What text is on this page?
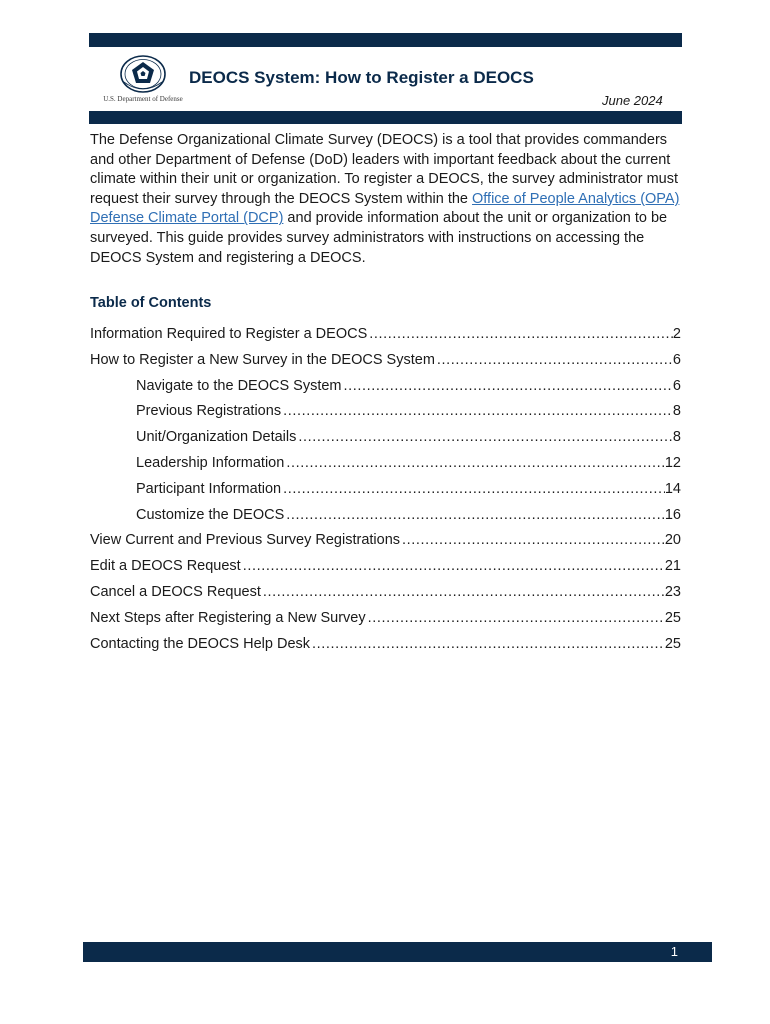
U.S. Department of Defense
DEOCS System: How to Register a DEOCS
June 2024

The Defense Organizational Climate Survey (DEOCS) is a tool that provides commanders and other Department of Defense (DoD) leaders with important feedback about the current climate within their unit or organization. To register a DEOCS, the survey administrator must request their survey through the DEOCS System within the Office of People Analytics (OPA) Defense Climate Portal (DCP) and provide information about the unit or organization to be surveyed. This guide provides survey administrators with instructions on accessing the DEOCS System and registering a DEOCS.

Table of Contents
Information Required to Register a DEOCS .....	2
How to Register a New Survey in the DEOCS System .....	6
Navigate to the DEOCS System .....	6
Previous Registrations .....	8
Unit/Organization Details .....	8
Leadership Information .....	12
Participant Information .....	14
Customize the DEOCS .....	16
View Current and Previous Survey Registrations .....	20
Edit a DEOCS Request .....	21
Cancel a DEOCS Request .....	23
Next Steps after Registering a New Survey .....	25
Contacting the DEOCS Help Desk .....	25
1
